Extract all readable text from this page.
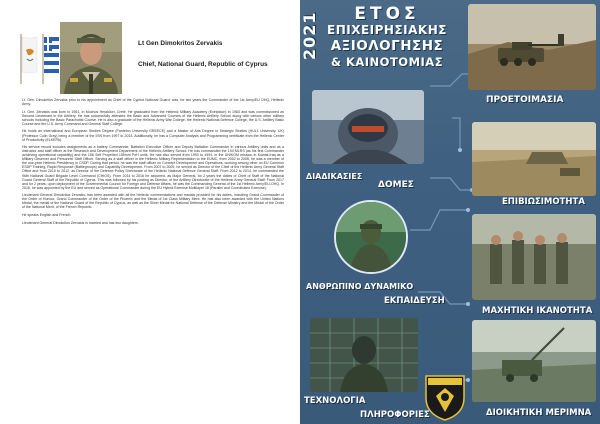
Lt Gen Dimokritos Zervakis

Chief, National Guard, Republic of Cyprus

Lt. Gen. Dimokritos Zervakis prior to his appointment as Chief of the Cypriot National Guard, was, for two years the Commander of the 1st Army/EU OHQ, Hellenic Army.

Lt. Gen. Zervakis was born in 1961, in Mochos Heraklion, Crete. He graduated from the Hellenic Military Academy (Evelpidon) in 1983 and was commissioned as Second Lieutenant in the Artillery. He has successfully attended the Basic and Advanced Courses of the Hellenic Artillery School along with various other military schools including the Basic Parachutist Course. He is also a graduate of the Hellenic Army War College, the Hellenic National Defence College, the U.S. Artillery Basic Course and the U.S. Army Command and General Staff College.

He holds an International and European Studies Degree (Panteion University GREECE) and a Master of Arts Degree in Strategic Studies (HULL University, UK) (Professor Colin Gray) being a member of the IISS from 1997 to 2014. Additionally, he has a Computer Analysis and Programming certificate from the Hellenic Center of Productivity (ELKEPA).

His service record includes assignments as a battery Commander, Battalion Executive Officer and Deputy Battalion Commander in various Artillery units and as a instructor and staff officer at the Research and Development Department of the Hellenic Artillery School. He has commanded the 194 MLRS (as his first Commander achieving operational capability) and the 156 Self Propelled 155mm PzH units. He has also served from 1993 to 1994, in the UNIKOM mission in Kuwait-Iraq as a Military Observer and Personnel Staff Officer. Serving as a staff officer in the Hellenic Military Representation to the EUMC, from 2002 to 2005, he was a member of the one-year Hellenic Presidency in CSDP. During that period, he was the staff officer on Concept Development and Operations, working among other on EU Common ESDP Training, Rapid Response (Battlegroups) and Capability Development. From 2007 to 2009, he served as Director of the Chief of the Hellenic Army General Staff Office and from 2010 to 2012, as Director of the Defence Policy Directorate of the Hellenic National Defence General Staff. From 2012 to 2014, he commanded the 96th National Guard Brigade Level Command (CHIOS). From 2014 to 2016 he assumed, as Major General, for 2 years the duties of Chief of Staff of the National Guard General Staff of the Republic of Cyprus. This was followed by his posting as Director, of the Artillery Directorate of the Hellenic Army General Staff. From 2017 and for 2 years, upon deployment of the Governmental Council for Foreign and Defense Affairs, he was the Commanding General of the 1st Hellenic Army/EU-OHQ. In 2018, he was appointed by the EU and served as Operational Commander during the EU Hybrid Exercise Multilayer 18 (Parallel and Coordinated Exercise).

Lieutenant General Dimokritos Zervakis, has been awarded with all the Hellenic commendations and medals provided for his duties, including Grand Commander of the Order of Honour, Grand Commander of the Order of the Phoenix and the Medal of 1st Class Military Merit. He has also been awarded with the United Nations Medal, the medal of the National Guard of the Republic of Cyprus, as well as the Silver Medal for National Defense of the Defense Ministry and the Medal of the Order of the National Merit, of the French Republic.

He speaks English and French.

Lieutenant General Dimokritos Zervakis is married and has two daughters.

2021	ΕΤΟΣ
ΕΠΙΧΕΙΡΗΣΙΑΚΗΣ
ΑΞΙΟΛΟΓΗΣΗΣ
& ΚΑΙΝΟΤΟΜΙΑΣ

ΠΡΟΕΤΟΙΜΑΣΙΑ

ΔΙΑΔΙΚΑΣΙΕΣ

ΔΟΜΕΣ

ΕΠΙΒΙΩΣΙΜΟΤΗΤΑ

ΑΝΘΡΩΠΙΝΟ ΔΥΝΑΜΙΚΟ

ΕΚΠΑΙΔΕΥΣΗ

ΜΑΧΗΤΙΚΗ ΙΚΑΝΟΤΗΤΑ

ΤΕΧΝΟΛΟΓΙΑ

ΠΛΗΡΟΦΟΡΙΕΣ	ΔΙΟΙΚΗΤΙΚΗ ΜΕΡΙΜΝΑ
